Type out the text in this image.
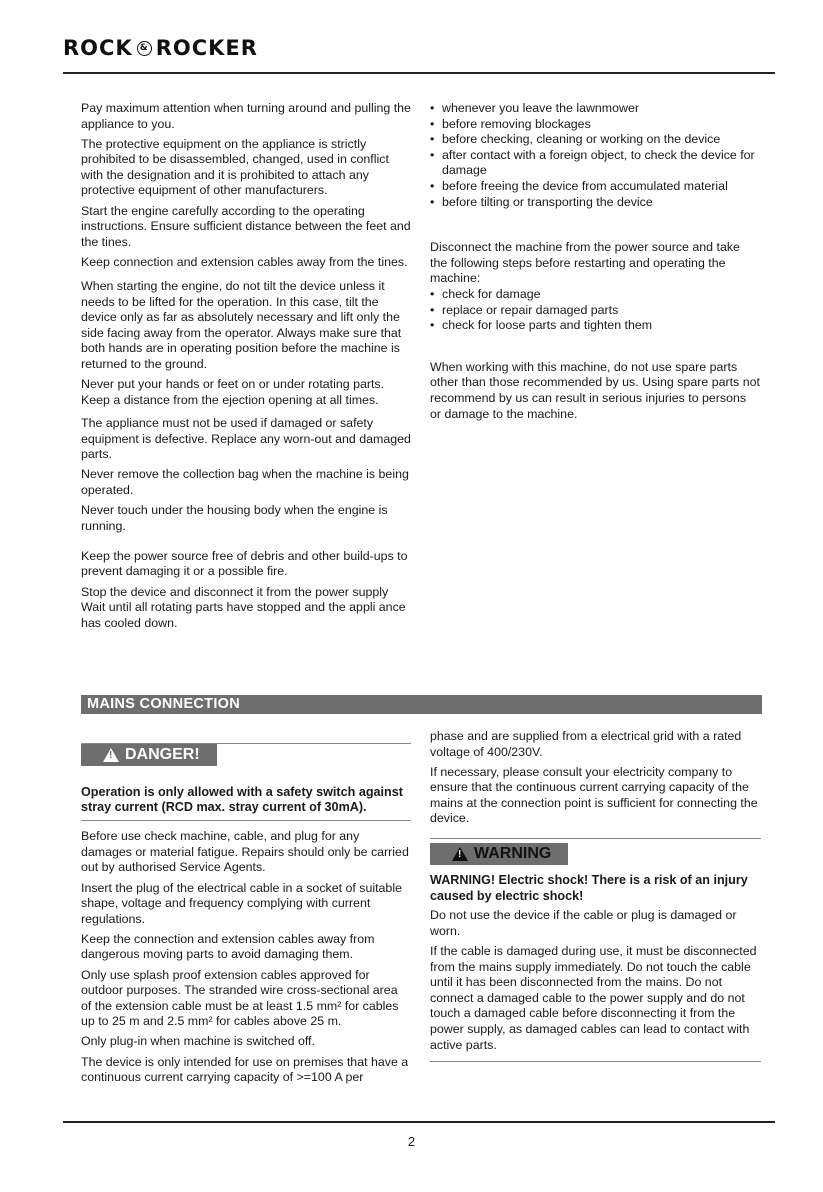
ROCK & ROCKER

Pay maximum attention when turning around and pulling the appliance to you.

The protective equipment on the appliance is strictly prohibited to be disassembled, changed, used in conflict with the designation and it is prohibited to attach any protective equipment of other manufacturers.

Start the engine carefully according to the operating instructions. Ensure sufficient distance between the feet and the tines.

Keep connection and extension cables away from the tines.

When starting the engine, do not tilt the device unless it needs to be lifted for the operation. In this case, tilt the device only as far as absolutely necessary and lift only the side facing away from the operator. Always make sure that both hands are in operating position before the machine is returned to the ground.

Never put your hands or feet on or under rotating parts. Keep a distance from the ejection opening at all times.

The appliance must not be used if damaged or safety equipment is defective. Replace any worn-out and damaged parts.

Never remove the collection bag when the machine is being operated.

Never touch under the housing body when the engine is running.

Keep the power source free of debris and other build-ups to prevent damaging it or a possible fire.

Stop the device and disconnect it from the power supply Wait until all rotating parts have stopped and the appli ance has cooled down.

• whenever you leave the lawnmower
• before removing blockages
• before checking, cleaning or working on the device
• after contact with a foreign object, to check the device for damage
• before freeing the device from accumulated material
• before tilting or transporting the device

Disconnect the machine from the power source and take the following steps before restarting and operating the machine:

• check for damage
• replace or repair damaged parts
• check for loose parts and tighten them

When working with this machine, do not use spare parts other than those recommended by us. Using spare parts not recommend by us can result in serious injuries to persons or damage to the machine.

MAINS CONNECTION
! DANGER!

Operation is only allowed with a safety switch against stray current (RCD max. stray current of 30mA).

Before use check machine, cable, and plug for any damages or material fatigue. Repairs should only be carried out by authorised Service Agents.

Insert the plug of the electrical cable in a socket of suitable shape, voltage and frequency complying with current regulations.

Keep the connection and extension cables away from dangerous moving parts to avoid damaging them.

Only use splash proof extension cables approved for outdoor purposes. The stranded wire cross-sectional area of the extension cable must be at least 1.5 mm² for cables up to 25 m and 2.5 mm² for cables above 25 m.

Only plug-in when machine is switched off.

The device is only intended for use on premises that have a continuous current carrying capacity of >=100 A per

phase and are supplied from a electrical grid with a rated voltage of 400/230V.

If necessary, please consult your electricity company to ensure that the continuous current carrying capacity of the mains at the connection point is sufficient for connecting the device.

! WARNING

WARNING! Electric shock! There is a risk of an injury caused by electric shock!

Do not use the device if the cable or plug is damaged or worn.

If the cable is damaged during use, it must be disconnected from the mains supply immediately. Do not touch the cable until it has been disconnected from the mains. Do not connect a damaged cable to the power supply and do not touch a damaged cable before disconnecting it from the power supply, as damaged cables can lead to contact with active parts.

2
